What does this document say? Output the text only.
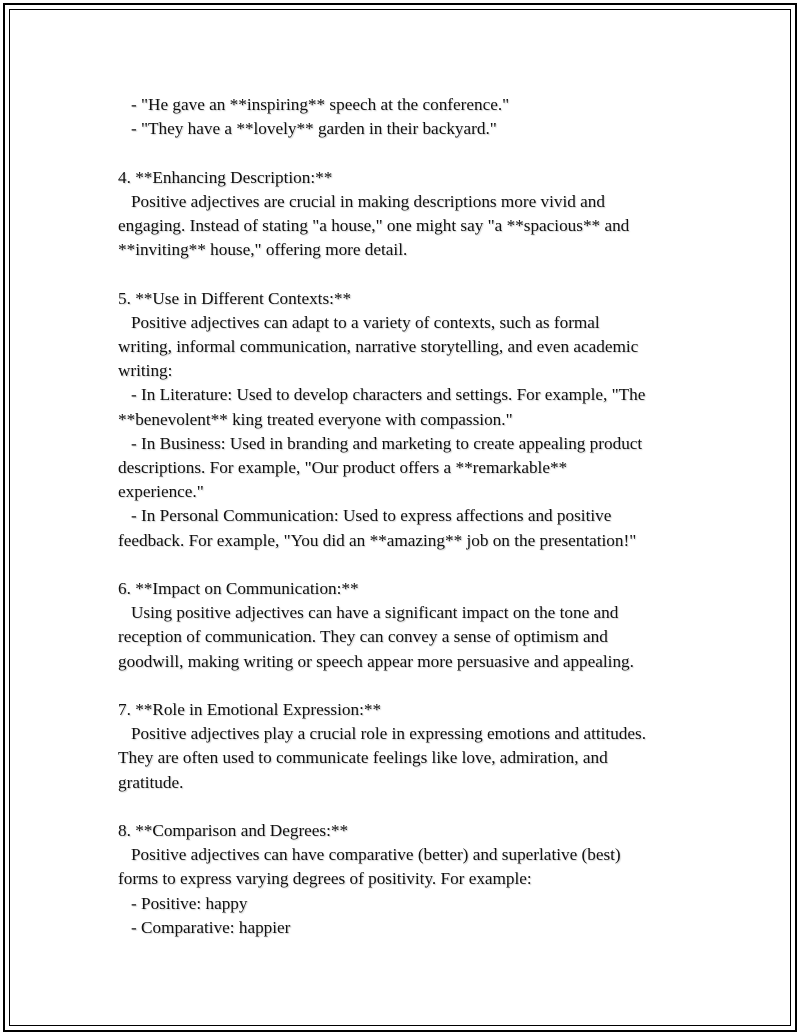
- "He gave an **inspiring** speech at the conference."
- "They have a **lovely** garden in their backyard."
4. **Enhancing Description:**
Positive adjectives are crucial in making descriptions more vivid and
engaging. Instead of stating "a house," one might say "a **spacious** and
**inviting** house," offering more detail.
5. **Use in Different Contexts:**
Positive adjectives can adapt to a variety of contexts, such as formal
writing, informal communication, narrative storytelling, and even academic
writing:
- In Literature: Used to develop characters and settings. For example, "The
**benevolent** king treated everyone with compassion."
- In Business: Used in branding and marketing to create appealing product
descriptions. For example, "Our product offers a **remarkable**
experience."
- In Personal Communication: Used to express affections and positive
feedback. For example, "You did an **amazing** job on the presentation!"
6. **Impact on Communication:**
Using positive adjectives can have a significant impact on the tone and
reception of communication. They can convey a sense of optimism and
goodwill, making writing or speech appear more persuasive and appealing.
7. **Role in Emotional Expression:**
Positive adjectives play a crucial role in expressing emotions and attitudes.
They are often used to communicate feelings like love, admiration, and
gratitude.
8. **Comparison and Degrees:**
Positive adjectives can have comparative (better) and superlative (best)
forms to express varying degrees of positivity. For example:
- Positive: happy
- Comparative: happier
